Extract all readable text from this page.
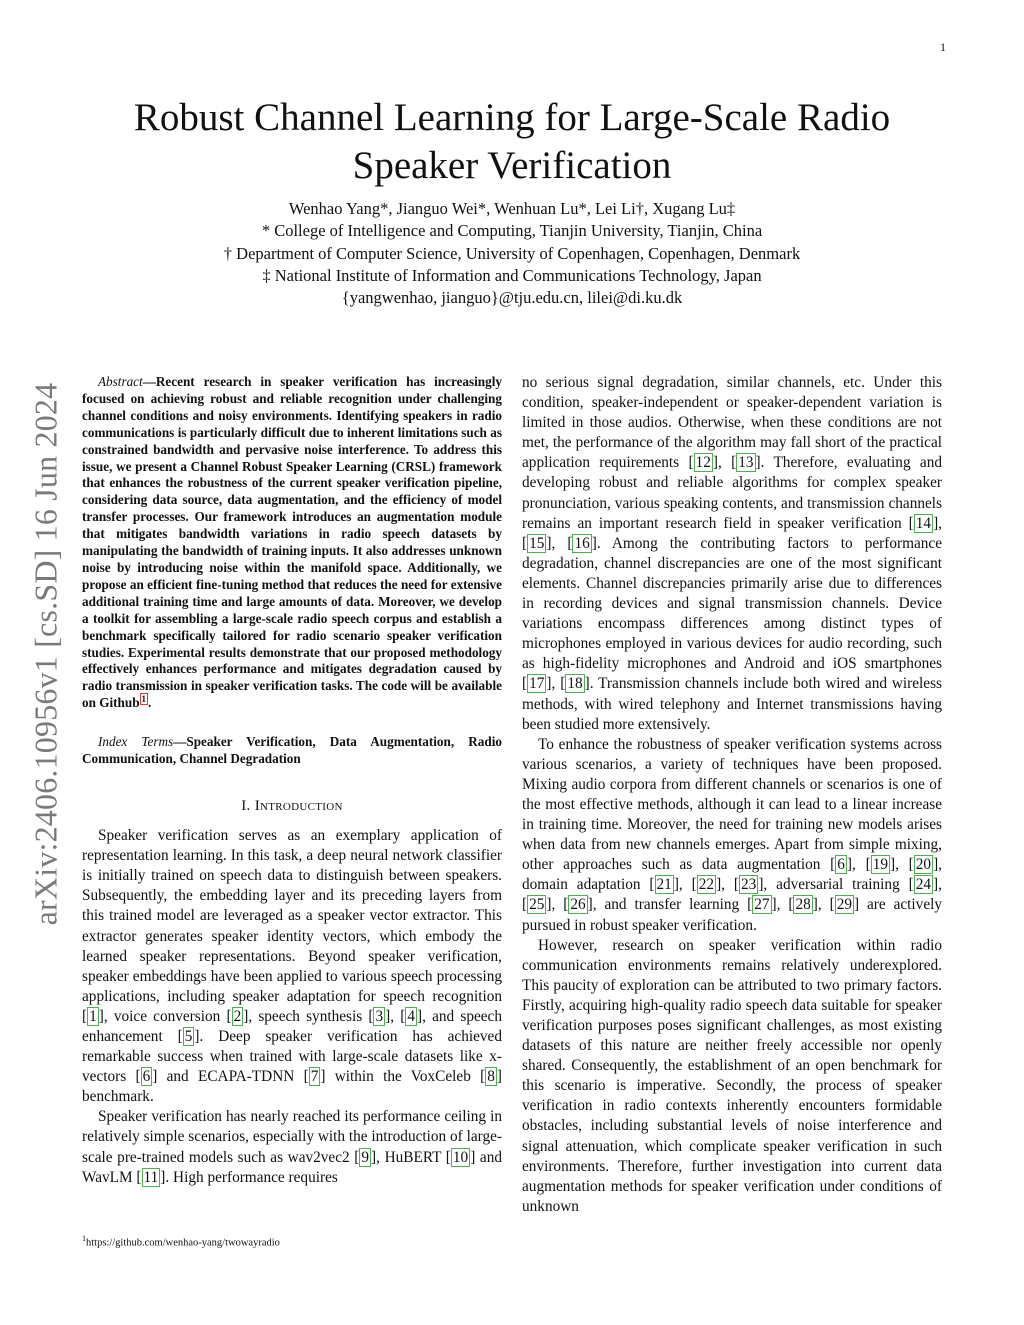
1
arXiv:2406.10956v1 [cs.SD] 16 Jun 2024
Robust Channel Learning for Large-Scale Radio Speaker Verification
Wenhao Yang*, Jianguo Wei*, Wenhuan Lu*, Lei Li†, Xugang Lu‡
* College of Intelligence and Computing, Tianjin University, Tianjin, China
† Department of Computer Science, University of Copenhagen, Copenhagen, Denmark
‡ National Institute of Information and Communications Technology, Japan
{yangwenhao, jianguo}@tju.edu.cn, lilei@di.ku.dk

Abstract—Recent research in speaker verification has increasingly focused on achieving robust and reliable recognition under challenging channel conditions and noisy environments. Identifying speakers in radio communications is particularly difficult due to inherent limitations such as constrained bandwidth and pervasive noise interference. To address this issue, we present a Channel Robust Speaker Learning (CRSL) framework that enhances the robustness of the current speaker verification pipeline, considering data source, data augmentation, and the efficiency of model transfer processes. Our framework introduces an augmentation module that mitigates bandwidth variations in radio speech datasets by manipulating the bandwidth of training inputs. It also addresses unknown noise by introducing noise within the manifold space. Additionally, we propose an efficient fine-tuning method that reduces the need for extensive additional training time and large amounts of data. Moreover, we develop a toolkit for assembling a large-scale radio speech corpus and establish a benchmark specifically tailored for radio scenario speaker verification studies. Experimental results demonstrate that our proposed methodology effectively enhances performance and mitigates degradation caused by radio transmission in speaker verification tasks. The code will be available on Github $^1$ .

Index Terms—Speaker Verification, Data Augmentation, Radio Communication, Channel Degradation

I. Introduction

Speaker verification serves as an exemplary application of representation learning. In this task, a deep neural network classifier is initially trained on speech data to distinguish between speakers. Subsequently, the embedding layer and its preceding layers from this trained model are leveraged as a speaker vector extractor. This extractor generates speaker identity vectors, which embody the learned speaker representations. Beyond speaker verification, speaker embeddings have been applied to various speech processing applications, including speaker adaptation for speech recognition [ 1 ], voice conversion [ 2 ], speech synthesis [ 3 ], [ 4 ], and speech enhancement [ 5 ]. Deep speaker verification has achieved remarkable success when trained with large-scale datasets like x-vectors [ 6 ] and ECAPA-TDNN [ 7 ] within the VoxCeleb [ 8 ] benchmark.

Speaker verification has nearly reached its performance ceiling in relatively simple scenarios, especially with the introduction of large-scale pre-trained models such as wav2vec2 [ 9 ], HuBERT [ 10 ] and WavLM [ 11 ]. High performance requires

no serious signal degradation, similar channels, etc. Under this condition, speaker-independent or speaker-dependent variation is limited in those audios. Otherwise, when these conditions are not met, the performance of the algorithm may fall short of the practical application requirements [ 12 ], [ 13 ]. Therefore, evaluating and developing robust and reliable algorithms for complex speaker pronunciation, various speaking contents, and transmission channels remains an important research field in speaker verification [ 14 ], [ 15 ], [ 16 ]. Among the contributing factors to performance degradation, channel discrepancies are one of the most significant elements. Channel discrepancies primarily arise due to differences in recording devices and signal transmission channels. Device variations encompass differences among distinct types of microphones employed in various devices for audio recording, such as high-fidelity microphones and Android and iOS smartphones [ 17 ], [ 18 ]. Transmission channels include both wired and wireless methods, with wired telephony and Internet transmissions having been studied more extensively.

To enhance the robustness of speaker verification systems across various scenarios, a variety of techniques have been proposed. Mixing audio corpora from different channels or scenarios is one of the most effective methods, although it can lead to a linear increase in training time. Moreover, the need for training new models arises when data from new channels emerges. Apart from simple mixing, other approaches such as data augmentation [ 6 ], [ 19 ], [ 20 ], domain adaptation [ 21 ], [ 22 ], [ 23 ], adversarial training [ 24 ], [ 25 ], [ 26 ], and transfer learning [ 27 ], [ 28 ], [ 29 ] are actively pursued in robust speaker verification.

However, research on speaker verification within radio communication environments remains relatively underexplored. This paucity of exploration can be attributed to two primary factors. Firstly, acquiring high-quality radio speech data suitable for speaker verification purposes poses significant challenges, as most existing datasets of this nature are neither freely accessible nor openly shared. Consequently, the establishment of an open benchmark for this scenario is imperative. Secondly, the process of speaker verification in radio contexts inherently encounters formidable obstacles, including substantial levels of noise interference and signal attenuation, which complicate speaker verification in such environments. Therefore, further investigation into current data augmentation methods for speaker verification under conditions of unknown

$^1$https://github.com/wenhao-yang/twowayradio
